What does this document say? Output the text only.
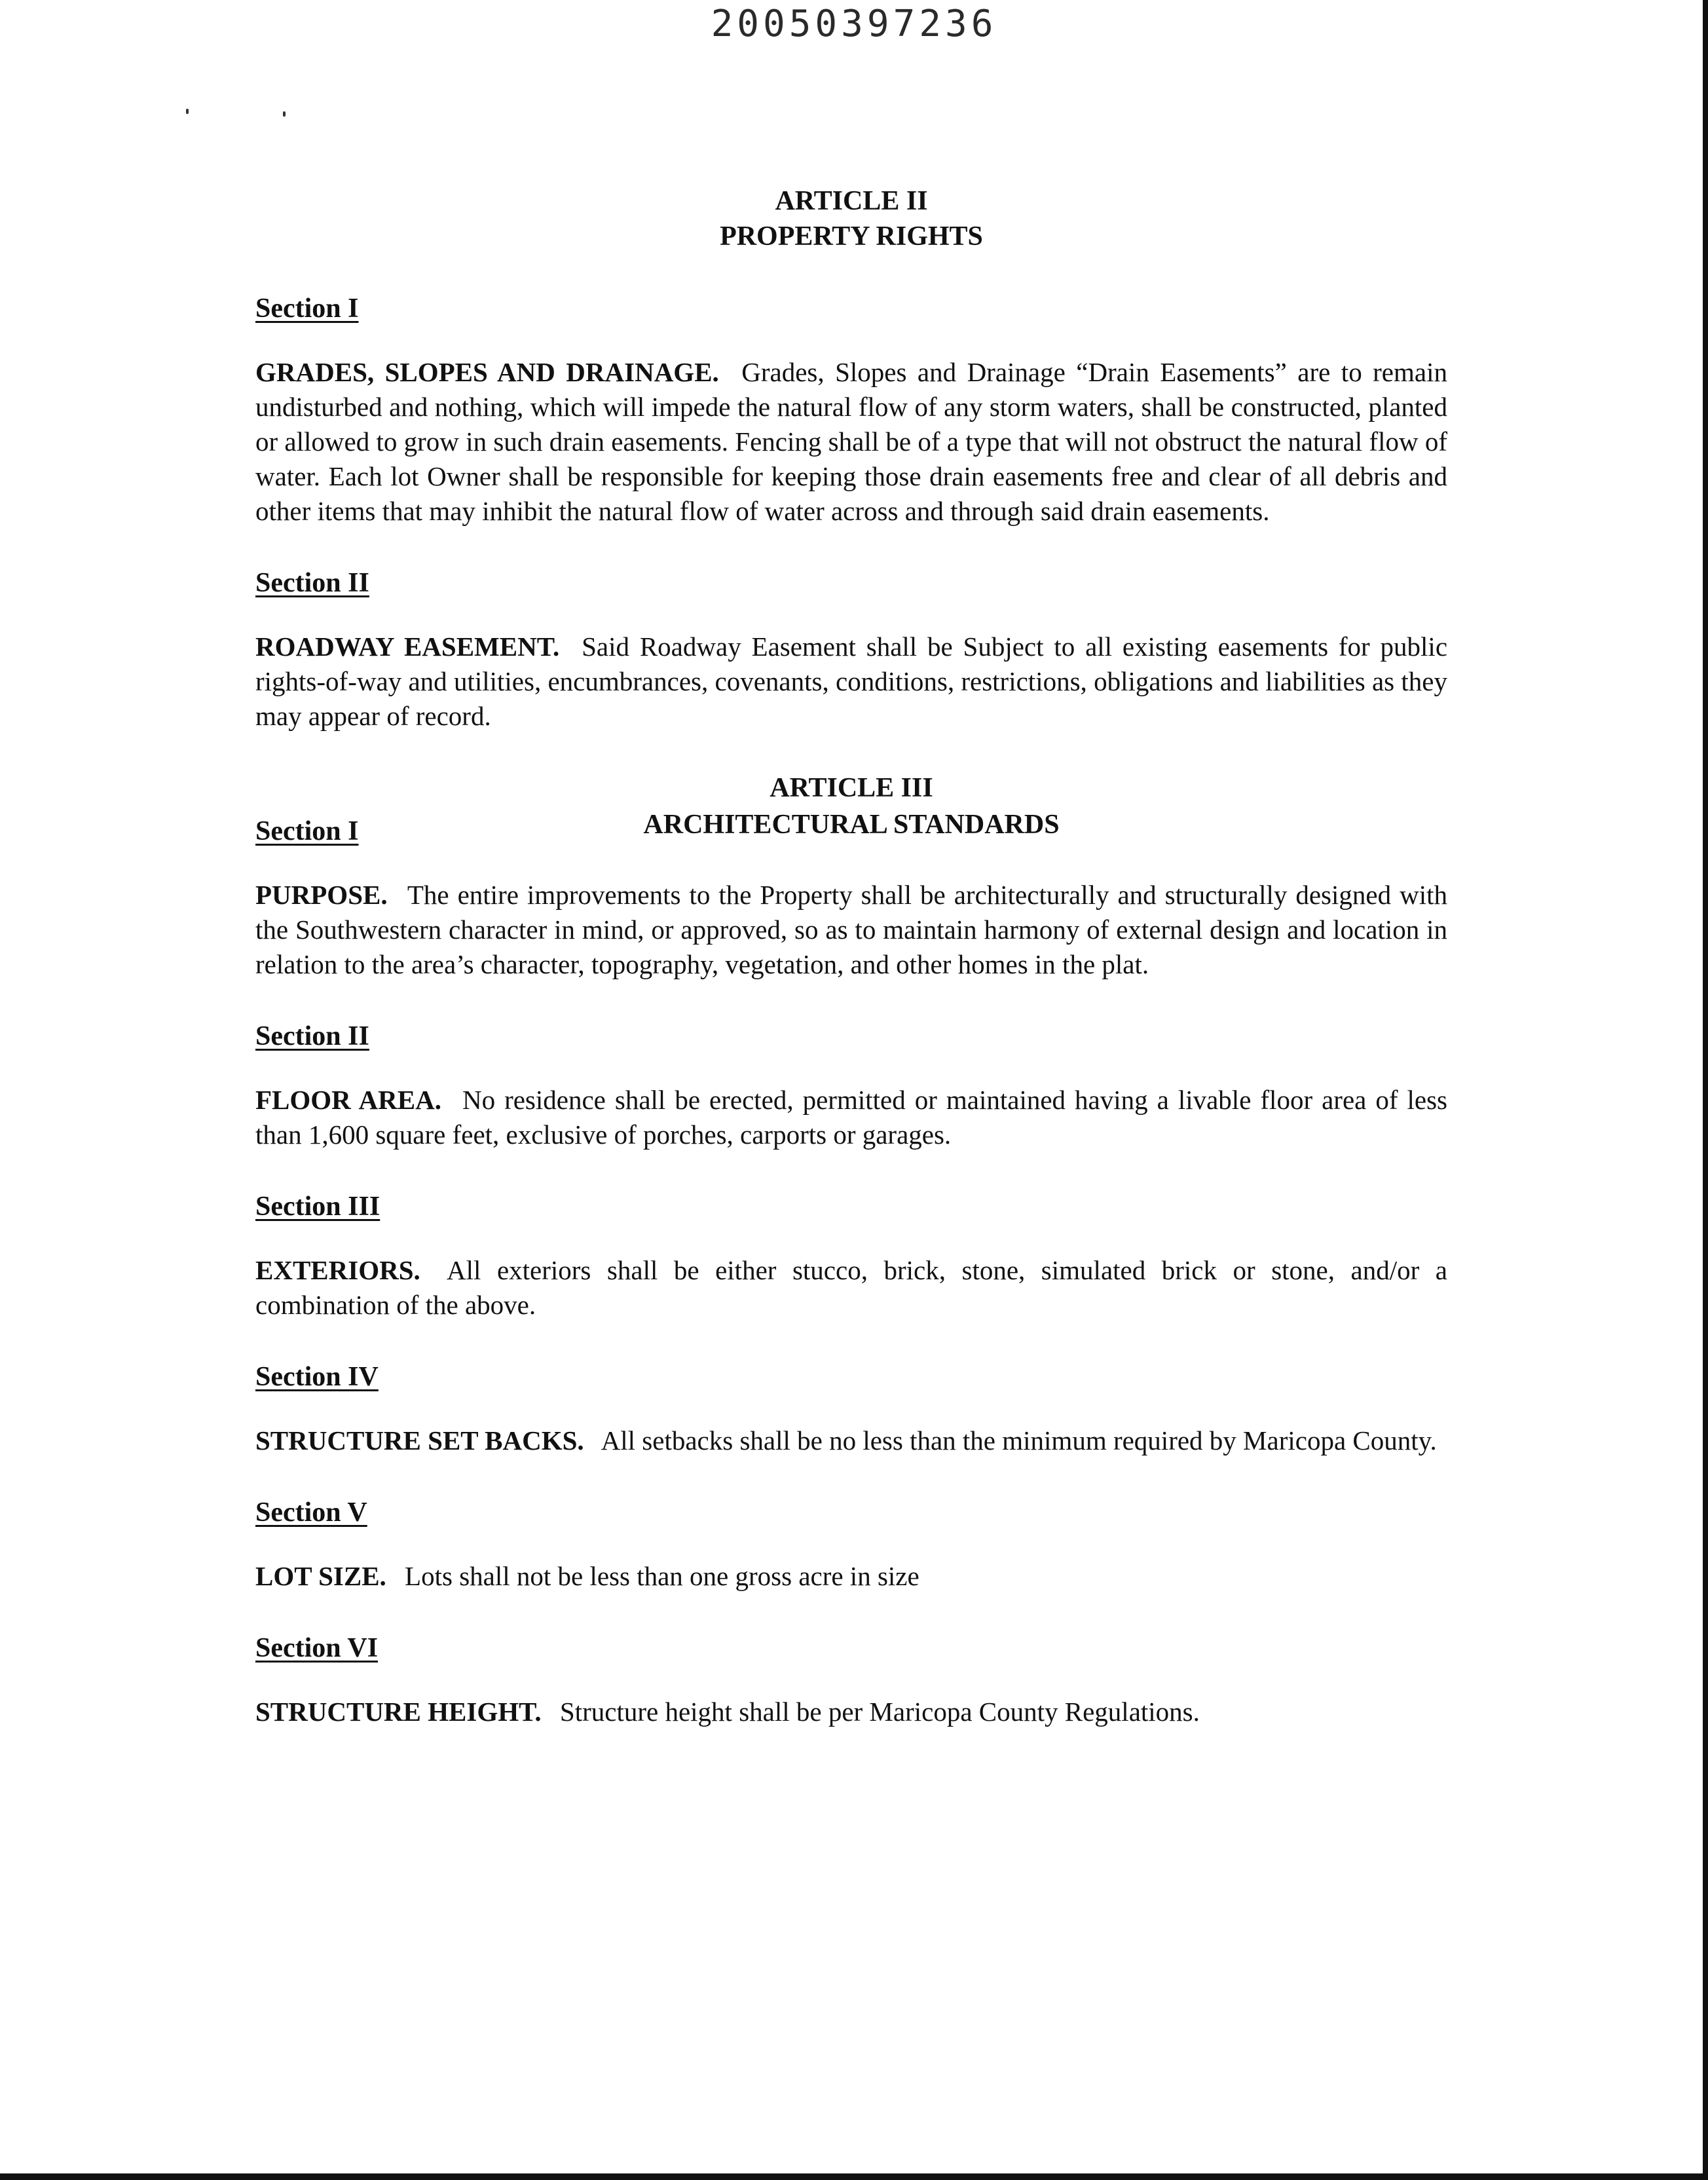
20050397236

ARTICLE II

PROPERTY RIGHTS

Section I

GRADES, SLOPES AND DRAINAGE. Grades, Slopes and Drainage “Drain Easements” are to remain undisturbed and nothing, which will impede the natural flow of any storm waters, shall be constructed, planted or allowed to grow in such drain easements. Fencing shall be of a type that will not obstruct the natural flow of water. Each lot Owner shall be responsible for keeping those drain easements free and clear of all debris and other items that may inhibit the natural flow of water across and through said drain easements.

Section II

ROADWAY EASEMENT. Said Roadway Easement shall be Subject to all existing easements for public rights-of-way and utilities, encumbrances, covenants, conditions, restrictions, obligations and liabilities as they may appear of record.

ARTICLE III

ARCHITECTURAL STANDARDS

Section I

PURPOSE. The entire improvements to the Property shall be architecturally and structurally designed with the Southwestern character in mind, or approved, so as to maintain harmony of external design and location in relation to the area’s character, topography, vegetation, and other homes in the plat.

Section II

FLOOR AREA. No residence shall be erected, permitted or maintained having a livable floor area of less than 1,600 square feet, exclusive of porches, carports or garages.

Section III

EXTERIORS. All exteriors shall be either stucco, brick, stone, simulated brick or stone, and/or a combination of the above.

Section IV

STRUCTURE SET BACKS. All setbacks shall be no less than the minimum required by Maricopa County.

Section V

LOT SIZE. Lots shall not be less than one gross acre in size

Section VI

STRUCTURE HEIGHT. Structure height shall be per Maricopa County Regulations.
